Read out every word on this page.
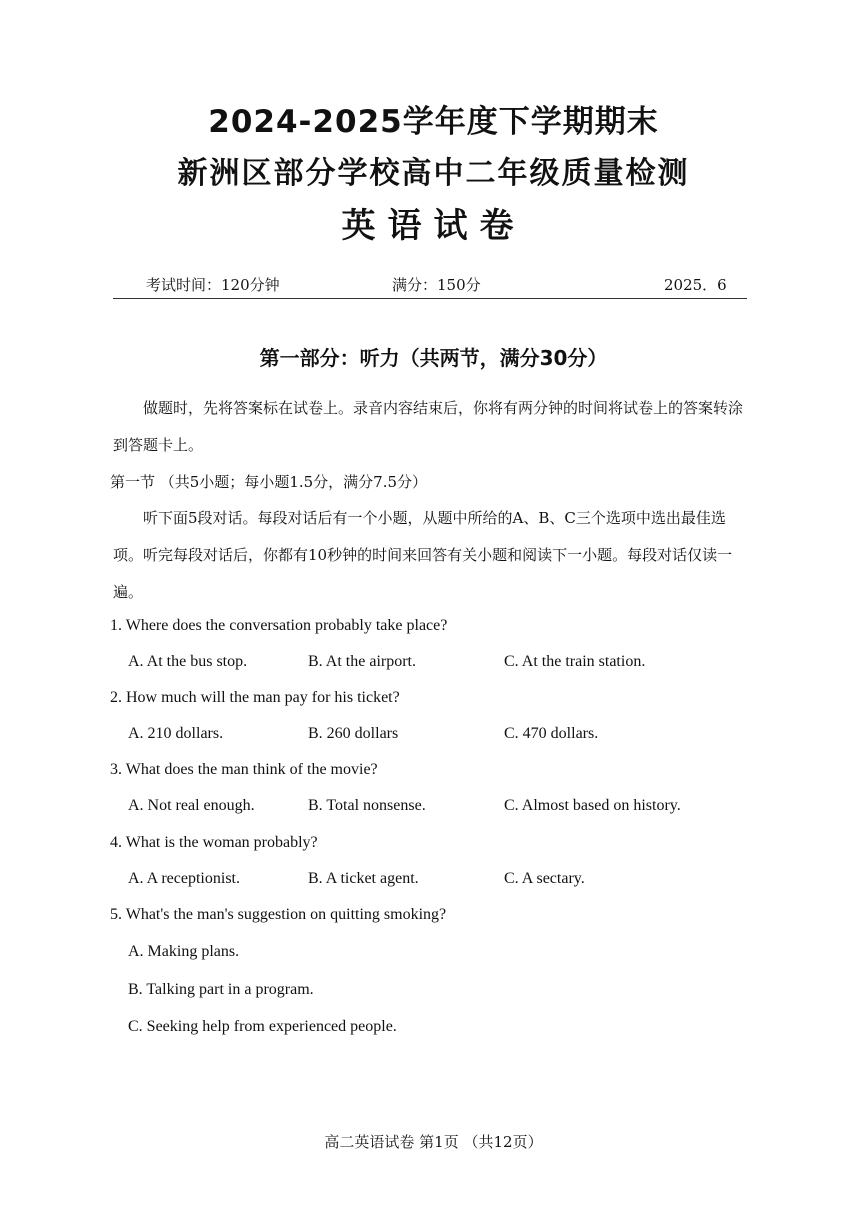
2024-2025学年度下学期期末
新洲区部分学校高中二年级质量检测
英语试卷
考试时间：120分钟	满分：150分	2025．6
第一部分：听力（共两节，满分30分）
做题时，先将答案标在试卷上。录音内容结束后，你将有两分钟的时间将试卷上的答案转涂到答题卡上。
第一节 （共5小题；每小题1.5分，满分7.5分）
听下面5段对话。每段对话后有一个小题，从题中所给的A、B、C三个选项中选出最佳选项。听完每段对话后，你都有10秒钟的时间来回答有关小题和阅读下一小题。每段对话仅读一遍。
1. Where does the conversation probably take place?
A. At the bus stop.	B. At the airport.	C. At the train station.
2. How much will the man pay for his ticket?
A. 210 dollars.	B. 260 dollars	C. 470 dollars.
3. What does the man think of the movie?
A. Not real enough.	B. Total nonsense.	C. Almost based on history.
4. What is the woman probably?
A. A receptionist.	B. A ticket agent.	C. A sectary.
5. What's the man's suggestion on quitting smoking?
A. Making plans.
B. Talking part in a program.
C. Seeking help from experienced people.
高二英语试卷 第1页 （共12页）
